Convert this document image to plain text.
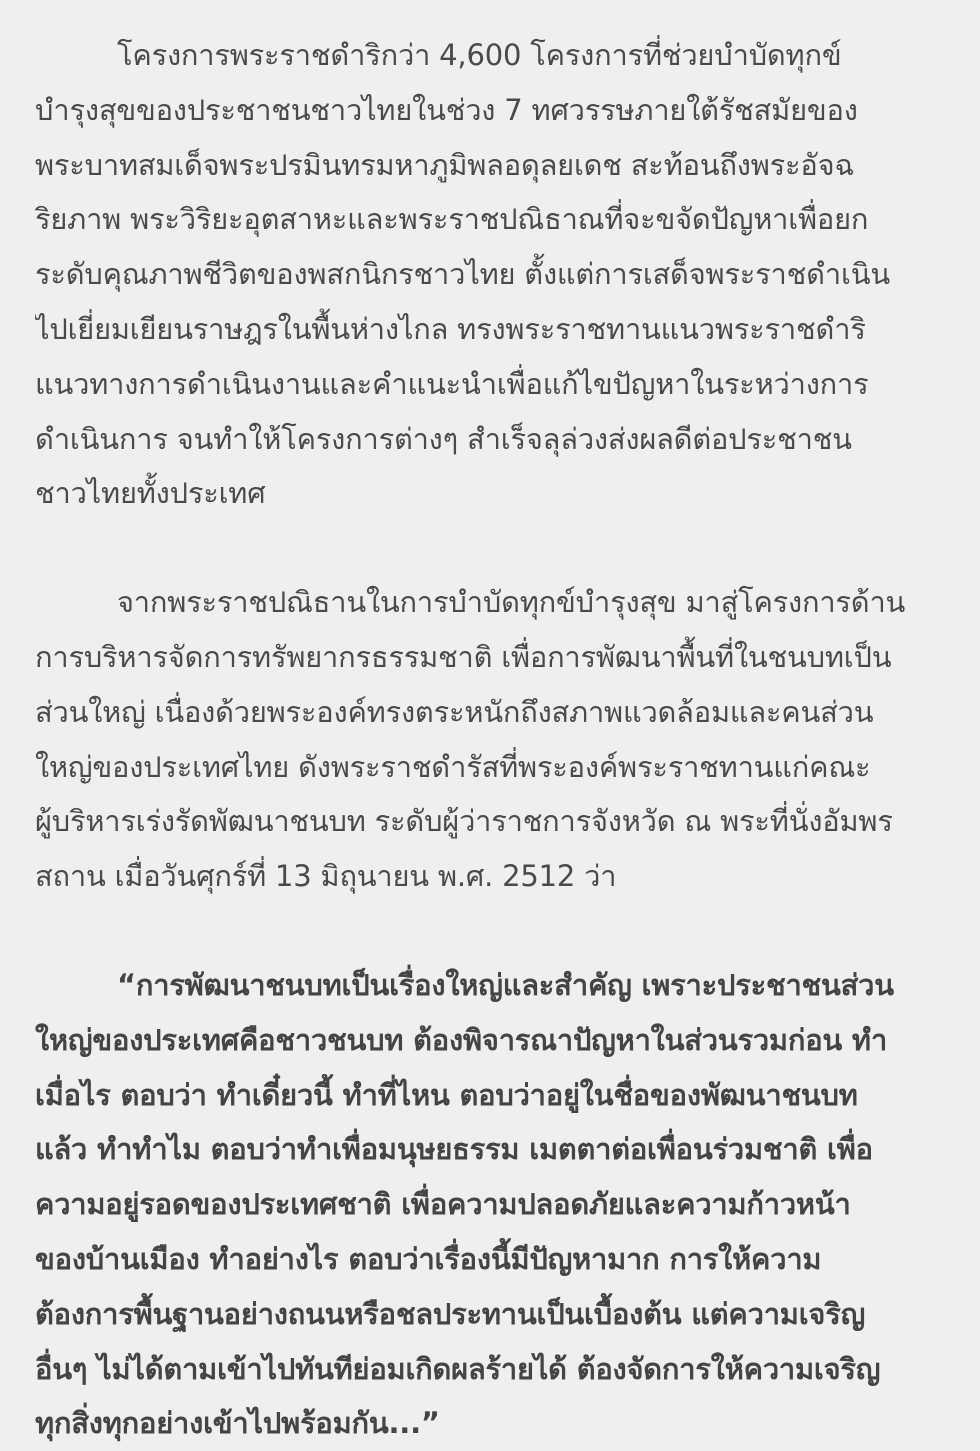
โครงการพระราชดำริกว่า 4,600 โครงการที่ช่วยบำบัดทุกข์
บำรุงสุขของประชาชนชาวไทยในช่วง 7 ทศวรรษภายใต้รัชสมัยของ
พระบาทสมเด็จพระปรมินทรมหาภูมิพลอดุลยเดช สะท้อนถึงพระอัจฉ
ริยภาพ พระวิริยะอุตสาหะและพระราชปณิธาณที่จะขจัดปัญหาเพื่อยก
ระดับคุณภาพชีวิตของพสกนิกรชาวไทย ตั้งแต่การเสด็จพระราชดำเนิน
ไปเยี่ยมเยียนราษฎรในพื้นห่างไกล ทรงพระราชทานแนวพระราชดำริ
แนวทางการดำเนินงานและคำแนะนำเพื่อแก้ไขปัญหาในระหว่างการ
ดำเนินการ จนทำให้โครงการต่างๆ สำเร็จลุล่วงส่งผลดีต่อประชาชน
ชาวไทยทั้งประเทศ
จากพระราชปณิธานในการบำบัดทุกข์บำรุงสุข มาสู่โครงการด้าน
การบริหารจัดการทรัพยากรธรรมชาติ เพื่อการพัฒนาพื้นที่ในชนบทเป็น
ส่วนใหญ่ เนื่องด้วยพระองค์ทรงตระหนักถึงสภาพแวดล้อมและคนส่วน
ใหญ่ของประเทศไทย ดังพระราชดำรัสที่พระองค์พระราชทานแก่คณะ
ผู้บริหารเร่งรัดพัฒนาชนบท ระดับผู้ว่าราชการจังหวัด ณ พระที่นั่งอัมพร
สถาน เมื่อวันศุกร์ที่ 13 มิถุนายน พ.ศ. 2512 ว่า
“การพัฒนาชนบทเป็นเรื่องใหญ่และสำคัญ เพราะประชาชนส่วน
ใหญ่ของประเทศคือชาวชนบท ต้องพิจารณาปัญหาในส่วนรวมก่อน ทำ
เมื่อไร ตอบว่า ทำเดี๋ยวนี้ ทำที่ไหน ตอบว่าอยู่ในชื่อของพัฒนาชนบท
แล้ว ทำทำไม ตอบว่าทำเพื่อมนุษยธรรม เมตตาต่อเพื่อนร่วมชาติ เพื่อ
ความอยู่รอดของประเทศชาติ เพื่อความปลอดภัยและความก้าวหน้า
ของบ้านเมือง ทำอย่างไร ตอบว่าเรื่องนี้มีปัญหามาก การให้ความ
ต้องการพื้นฐานอย่างถนนหรือชลประทานเป็นเบื้องต้น แต่ความเจริญ
อื่นๆ ไม่ได้ตามเข้าไปทันทีย่อมเกิดผลร้ายได้ ต้องจัดการให้ความเจริญ
ทุกสิ่งทุกอย่างเข้าไปพร้อมกัน...”
